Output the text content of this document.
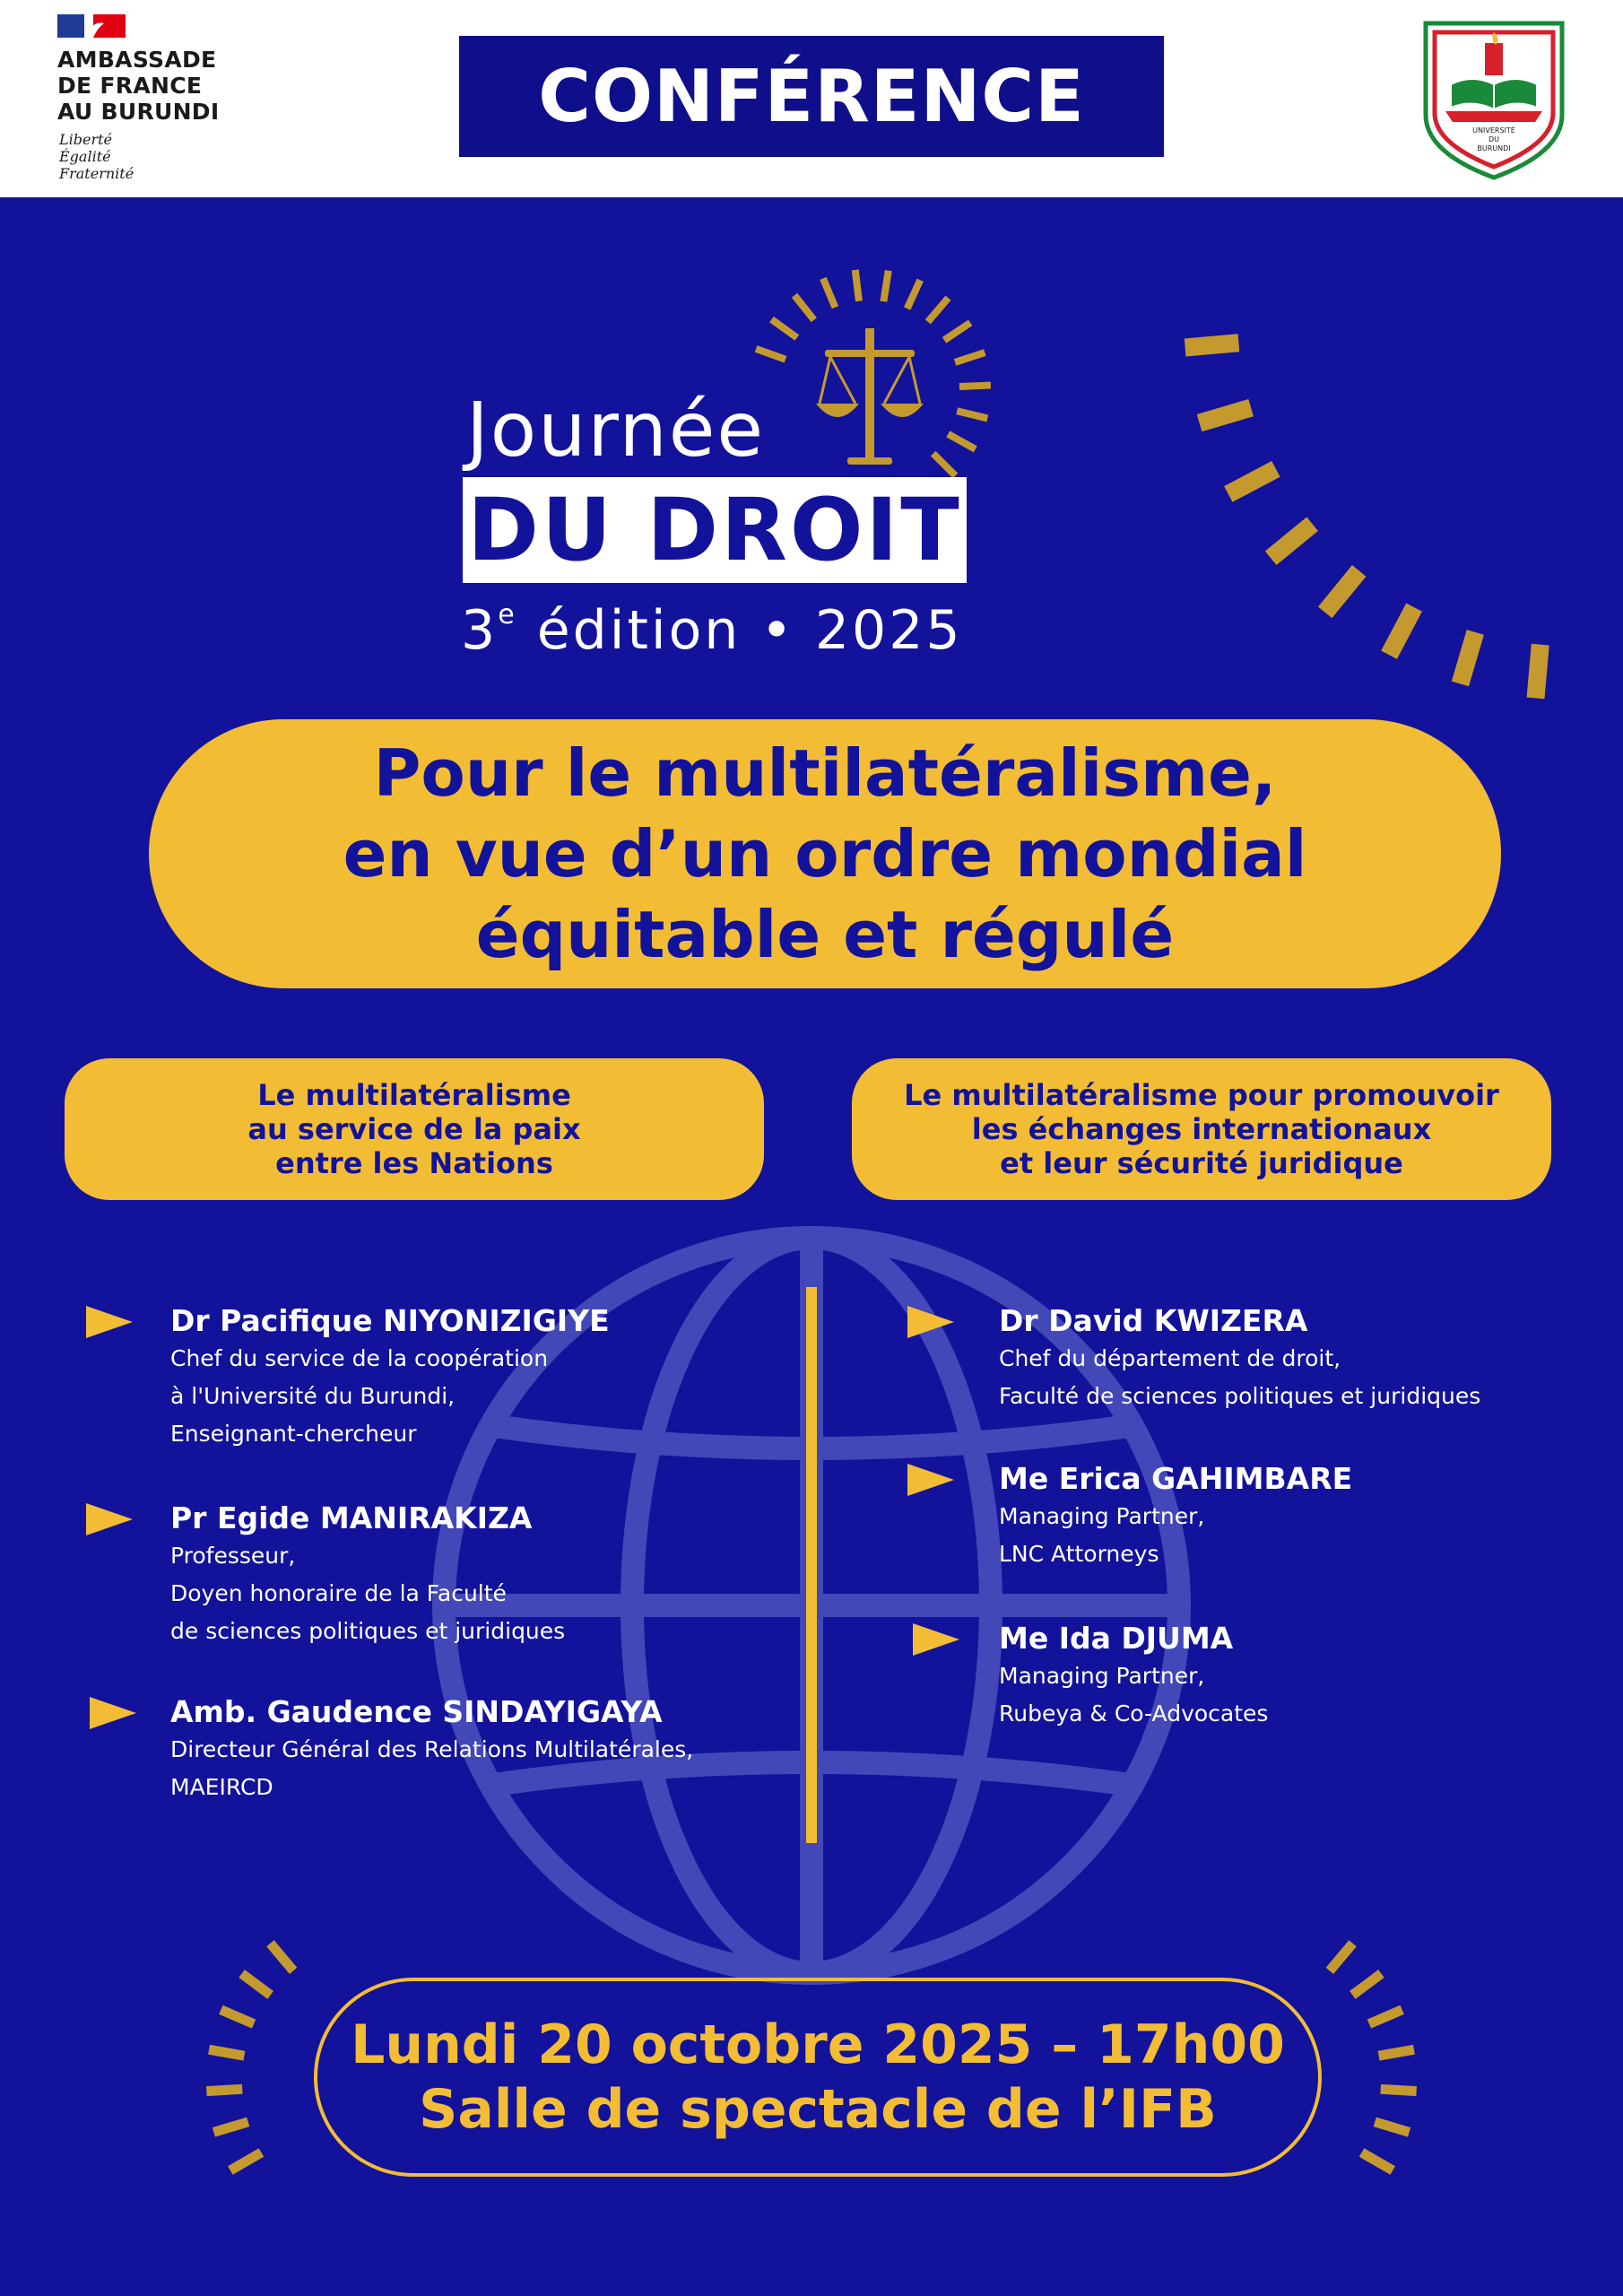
AMBASSADE
DE FRANCE
AU BURUNDI
Liberté
Égalité
Fraternité
CONFÉRENCE	UNIVERSITÉ
DU
BURUNDI
Journée
DU DROIT
3e édition • 2025
Pour le multilatéralisme,
en vue d’un ordre mondial
équitable et régulé
Le multilatéralisme
au service de la paix
entre les Nations
Le multilatéralisme pour promouvoir
les échanges internationaux
et leur sécurité juridique
Dr Pacifique NIYONIZIGIYE
Chef du service de la coopération
à l'Université du Burundi,
Enseignant-chercheur
Pr Egide MANIRAKIZA
Professeur,
Doyen honoraire de la Faculté
de sciences politiques et juridiques
Amb. Gaudence SINDAYIGAYA
Directeur Général des Relations Multilatérales,
MAEIRCD
Dr David KWIZERA
Chef du département de droit,
Faculté de sciences politiques et juridiques
Me Erica GAHIMBARE
Managing Partner,
LNC Attorneys
Me Ida DJUMA
Managing Partner,
Rubeya & Co-Advocates
Lundi 20 octobre 2025 – 17h00
Salle de spectacle de l’IFB
